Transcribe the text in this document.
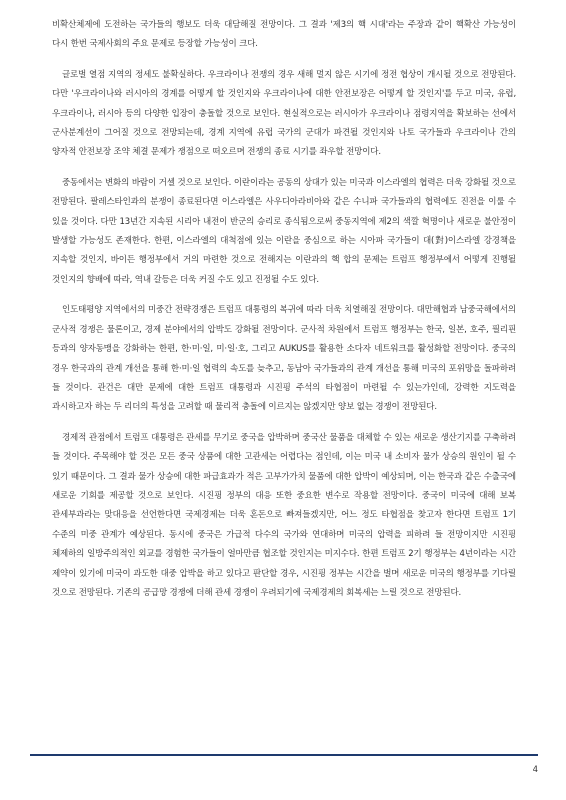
비확산체제에 도전하는 국가들의 행보도 더욱 대담해질 전망이다. 그 결과 '제3의 핵 시대'라는 주장과 같이 핵확산 가능성이 다시 한번 국제사회의 주요 문제로 등장할 가능성이 크다.

글로벌 열점 지역의 정세도 불확실하다. 우크라이나 전쟁의 경우 새해 멀지 않은 시기에 정전 협상이 개시될 것으로 전망된다. 다만 '우크라이나와 러시아의 경계를 어떻게 할 것인지와 우크라이나에 대한 안전보장은 어떻게 할 것인지'를 두고 미국, 유럽, 우크라이나, 러시아 등의 다양한 입장이 충돌할 것으로 보인다. 현실적으로는 러시아가 우크라이나 점령지역을 확보하는 선에서 군사분계선이 그어질 것으로 전망되는데, 경계 지역에 유럽 국가의 군대가 파견될 것인지와 나토 국가들과 우크라이나 간의 양자적 안전보장 조약 체결 문제가 쟁점으로 떠오르며 전쟁의 종료 시기를 좌우할 전망이다.

중동에서는 변화의 바람이 거셀 것으로 보인다. 이란이라는 공동의 상대가 있는 미국과 이스라엘의 협력은 더욱 강화될 것으로 전망된다. 팔레스타인과의 분쟁이 종료된다면 이스라엘은 사우디아라비아와 같은 수니파 국가들과의 협력에도 진전을 이룰 수 있을 것이다. 다만 13년간 지속된 시리아 내전이 반군의 승리로 종식됨으로써 중동지역에 제2의 색깔 혁명이나 새로운 불안정이 발생할 가능성도 존재한다. 한편, 이스라엘의 대척점에 있는 이란을 중심으로 하는 시아파 국가들이 대(對)이스라엘 강경책을 지속할 것인지, 바이든 행정부에서 거의 마련한 것으로 전해지는 이란과의 핵 합의 문제는 트럼프 행정부에서 어떻게 진행될 것인지의 향배에 따라, 역내 갈등은 더욱 커질 수도 있고 진정될 수도 있다.

인도태평양 지역에서의 미중간 전략경쟁은 트럼프 대통령의 복귀에 따라 더욱 치열해질 전망이다. 대만해협과 남중국해에서의 군사적 경쟁은 물론이고, 경제 분야에서의 압박도 강화될 전망이다. 군사적 차원에서 트럼프 행정부는 한국, 일본, 호주, 필리핀 등과의 양자동맹을 강화하는 한편, 한·미·일, 미·일·호, 그리고 AUKUS를 활용한 소다자 네트워크를 활성화할 전망이다. 중국의 경우 한국과의 관계 개선을 통해 한·미·일 협력의 속도를 늦추고, 동남아 국가들과의 관계 개선을 통해 미국의 포위망을 돌파하려 들 것이다. 관건은 대만 문제에 대한 트럼프 대통령과 시진핑 주석의 타협점이 마련될 수 있는가인데, 강력한 지도력을 과시하고자 하는 두 리더의 특성을 고려할 때 물리적 충돌에 이르지는 않겠지만 양보 없는 경쟁이 전망된다.

경제적 관점에서 트럼프 대통령은 관세를 무기로 중국을 압박하며 중국산 물품을 대체할 수 있는 새로운 생산기지를 구축하려 들 것이다. 주목해야 할 것은 모든 중국 상품에 대한 고관세는 어렵다는 점인데, 이는 미국 내 소비자 물가 상승의 원인이 될 수 있기 때문이다. 그 결과 물가 상승에 대한 파급효과가 적은 고부가가치 물품에 대한 압박이 예상되며, 이는 한국과 같은 수출국에 새로운 기회를 제공할 것으로 보인다. 시진핑 정부의 대응 또한 중요한 변수로 작용할 전망이다. 중국이 미국에 대해 보복 관세부과라는 맞대응을 선언한다면 국제경제는 더욱 혼돈으로 빠져들겠지만, 어느 정도 타협점을 찾고자 한다면 트럼프 1기 수준의 미중 관계가 예상된다. 동시에 중국은 가급적 다수의 국가와 연대하며 미국의 압력을 피하려 들 전망이지만 시진핑 체제하의 일방주의적인 외교를 경험한 국가들이 얼마만큼 협조할 것인지는 미지수다. 한편 트럼프 2기 행정부는 4년이라는 시간 제약이 있기에 미국이 과도한 대중 압박을 하고 있다고 판단할 경우, 시진핑 정부는 시간을 벌며 새로운 미국의 행정부를 기다릴 것으로 전망된다. 기존의 공급망 경쟁에 더해 관세 경쟁이 우려되기에 국제경제의 회복세는 느릴 것으로 전망된다.

4
